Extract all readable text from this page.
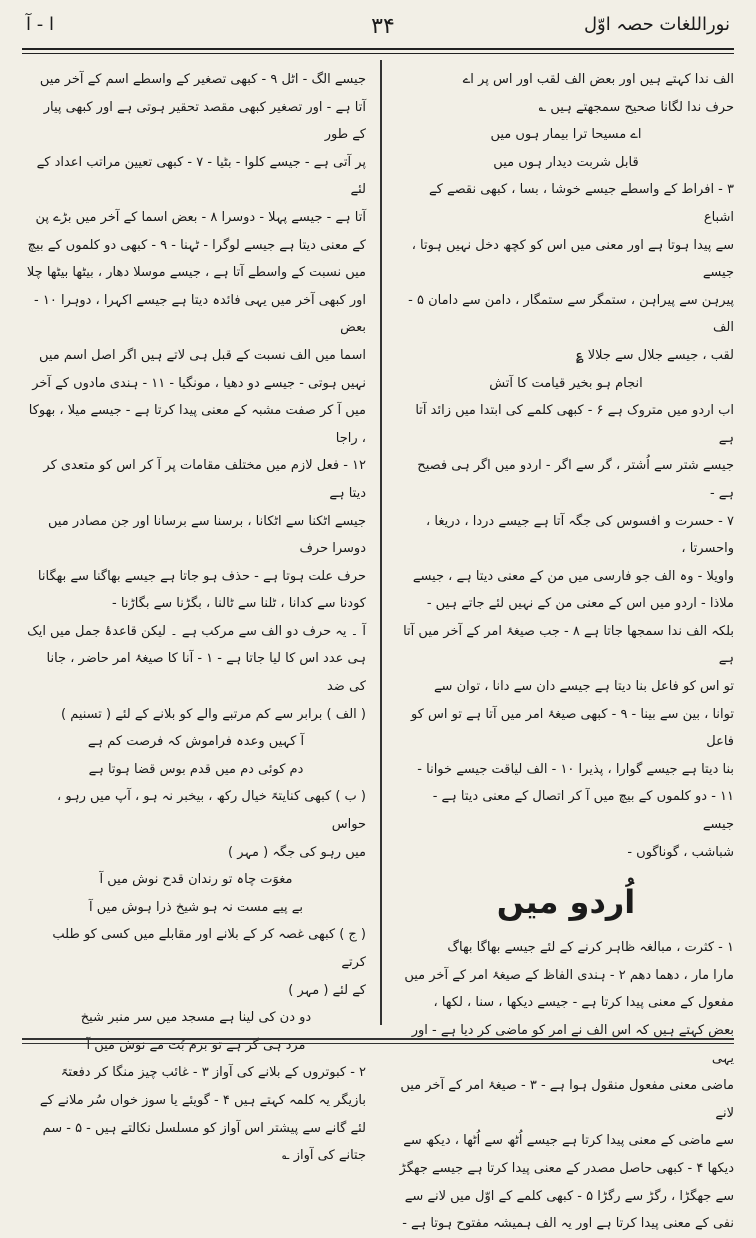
ا - آ	۳۴	نوراللغات حصہ اوّل

الف ندا کہتے ہیں اور بعض الف لقب اور اس پر اے

حرف ندا لگانا صحیح سمجھتے ہیں ؎

اے مسیحا ترا بیمار ہوں میں

قابل شربت دیدار ہوں میں

۳ - افراط کے واسطے جیسے خوشا ، بسا ، کبھی نقصے کے اشباع

سے پیدا ہوتا ہے اور معنی میں اس کو کچھ دخل نہیں ہوتا ، جیسے

پیرہن سے پیراہن ، ستمگر سے ستمگار ، دامن سے دامان ۵ - الف

لقب ، جیسے جلال سے جلالا ؏

انجام ہو بخیر قیامت کا آتش

اب اردو میں متروک ہے ۶ - کبھی کلمے کی ابتدا میں زائد آتا ہے

جیسے شتر سے اُشتر ، گر سے اگر - اردو میں اگر ہی فصیح ہے -

۷ - حسرت و افسوس کی جگہ آتا ہے جیسے دردا ، دریغا ، واحسرتا ،

واویلا - وہ الف جو فارسی میں من کے معنی دیتا ہے ، جیسے

ملاذا - اردو میں اس کے معنی من کے نہیں لئے جاتے ہیں -

بلکہ الف ندا سمجھا جاتا ہے ۸ - جب صیغۂ امر کے آخر میں آتا ہے

تو اس کو فاعل بنا دیتا ہے جیسے دان سے دانا ، توان سے

توانا ، بین سے بینا - ۹ - کبھی صیغۂ امر میں آتا ہے تو اس کو فاعل

بنا دیتا ہے جیسے گوارا ، پذیرا ۱۰ - الف لیاقت جیسے خوانا -

۱۱ - دو کلموں کے بیچ میں آ کر اتصال کے معنی دیتا ہے - جیسے

شباشب ، گوناگوں -

اُردو میں

۱ - کثرت ، مبالغہ ظاہر کرنے کے لئے جیسے بھاگا بھاگ

مارا مار ، دھما دھم ۲ - ہندی الفاظ کے صیغۂ امر کے آخر میں

مفعول کے معنی پیدا کرتا ہے - جیسے دیکھا ، سنا ، لکھا ،

بعض کہتے ہیں کہ اس الف نے امر کو ماضی کر دیا ہے - اور یہی

ماضی معنی مفعول منقول ہوا ہے - ۳ - صیغۂ امر کے آخر میں لانے

سے ماضی کے معنی پیدا کرتا ہے جیسے اُٹھ سے اُٹھا ، دیکھ سے

دیکھا ۴ - کبھی حاصل مصدر کے معنی پیدا کرتا ہے جیسے جھگڑ

سے جھگڑا ، رگڑ سے رگڑا ۵ - کبھی کلمے کے اوّل میں لانے سے

نفی کے معنی پیدا کرتا ہے اور یہ الف ہمیشہ مفتوح ہوتا ہے -

جیسے الگ - اٹل ۹ - کبھی تصغیر کے واسطے اسم کے آخر میں

آتا ہے - اور تصغیر کبھی مقصد تحقیر ہوتی ہے اور کبھی پیار کے طور

پر آتی ہے - جیسے کلوا - بٹیا - ۷ - کبھی تعیین مراتب اعداد کے لئے

آتا ہے - جیسے پہلا - دوسرا ۸ - بعض اسما کے آخر میں بڑے پن

کے معنی دیتا ہے جیسے لوگرا - ٹہنا - ۹ - کبھی دو کلموں کے بیچ

میں نسبت کے واسطے آتا ہے ، جیسے موسلا دھار ، بیٹھا بیٹھا چلا

اور کبھی آخر میں یہی فائدہ دیتا ہے جیسے اکہرا ، دوہرا ۱۰ - بعض

اسما میں الف نسبت کے قبل ہی لاتے ہیں اگر اصل اسم میں

نہیں ہوتی - جیسے دو دھیا ، مونگیا - ۱۱ - ہندی مادوں کے آخر

میں آ کر صفت مشبہ کے معنی پیدا کرتا ہے - جیسے میلا ، بھوکا ، راجا

۱۲ - فعل لازم میں مختلف مقامات پر آ کر اس کو متعدی کر دیتا ہے

جیسے اٹکنا سے اٹکانا ، برسنا سے برسانا اور جن مصادر میں دوسرا حرف

حرف علت ہوتا ہے - حذف ہو جاتا ہے جیسے بھاگنا سے بھگانا

کودنا سے کدانا ، ٹلنا سے ٹالنا ، بگڑنا سے بگاڑنا -

آ ۔ یہ حرف دو الف سے مرکب ہے ۔ لیکن قاعدۂ جمل میں ایک

ہی عدد اس کا لیا جاتا ہے - ۱ - آنا کا صیغۂ امر حاضر ، جانا کی ضد

( الف ) برابر سے کم مرتبے والے کو بلانے کے لئے ( تسنیم )

آ کہیں وعدہ فراموش کہ فرصت کم ہے

دم کوئی دم میں قدم بوس قضا ہوتا ہے

( ب ) کبھی کنایتہً خیال رکھ ، بیخبر نہ ہو ، آپ میں رہو ، حواس

میں رہو کی جگہ ( مہر )

مغوَت چاہ تو رندان قدح نوش میں آ

بے پیے مست نہ ہو شیخ ذرا ہوش میں آ

( ج ) کبھی غصہ کر کے بلانے اور مقابلے میں کسی کو طلب کرتے

کے لئے ( مہر )

دو دن کی لینا ہے مسجد میں سر منبر شیخ

مرد ہی گر ہے تو بزم بُت مے نوش میں آ

۲ - کبوتروں کے بلانے کی آواز ۳ - غائب چیز منگا کر دفعتہً

بازیگر یہ کلمہ کہتے ہیں ۴ - گویئے یا سوز خواں سُر ملانے کے

لئے گانے سے پیشتر اس آواز کو مسلسل نکالتے ہیں - ۵ - سم

جتانے کی آواز ؎
